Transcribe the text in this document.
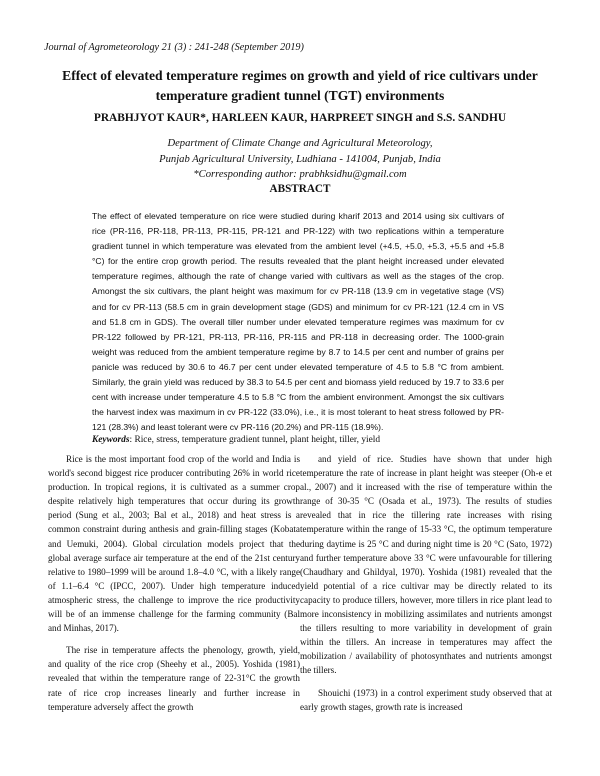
Journal of Agrometeorology 21 (3) : 241-248 (September 2019)
Effect of elevated temperature regimes on growth and yield of rice cultivars under temperature gradient tunnel (TGT) environments
PRABHJYOT KAUR*, HARLEEN KAUR, HARPREET SINGH and S.S. SANDHU
Department of Climate Change and Agricultural Meteorology,
Punjab Agricultural University, Ludhiana - 141004, Punjab, India
*Corresponding author: prabhksidhu@gmail.com
ABSTRACT

The effect of elevated temperature on rice were studied during kharif 2013 and 2014 using six cultivars of rice (PR-116, PR-118, PR-113, PR-115, PR-121 and PR-122) with two replications within a temperature gradient tunnel in which temperature was elevated from the ambient level (+4.5, +5.0, +5.3, +5.5 and +5.8 °C) for the entire crop growth period. The results revealed that the plant height increased under elevated temperature regimes, although the rate of change varied with cultivars as well as the stages of the crop. Amongst the six cultivars, the plant height was maximum for cv PR-118 (13.9 cm in vegetative stage (VS) and for cv PR-113 (58.5 cm in grain development stage (GDS) and minimum for cv PR-121 (12.4 cm in VS and 51.8 cm in GDS). The overall tiller number under elevated temperature regimes was maximum for cv PR-122 followed by PR-121, PR-113, PR-116, PR-115 and PR-118 in decreasing order. The 1000-grain weight was reduced from the ambient temperature regime by 8.7 to 14.5 per cent and number of grains per panicle was reduced by 30.6 to 46.7 per cent under elevated temperature of 4.5 to 5.8 °C from ambient. Similarly, the grain yield was reduced by 38.3 to 54.5 per cent and biomass yield reduced by 19.7 to 33.6 per cent with increase under temperature 4.5 to 5.8 °C from the ambient environment. Amongst the six cultivars the harvest index was maximum in cv PR-122 (33.0%), i.e., it is most tolerant to heat stress followed by PR-121 (28.3%) and least tolerant were cv PR-116 (20.2%) and PR-115 (18.9%).

Keywords: Rice, stress, temperature gradient tunnel, plant height, tiller, yield

Rice is the most important food crop of the world and India is world's second biggest rice producer contributing 26% in world rice production. In tropical regions, it is cultivated as a summer crop despite relatively high temperatures that occur during its growth period (Sung et al., 2003; Bal et al., 2018) and heat stress is a common constraint during anthesis and grain-filling stages (Kobata and Uemuki, 2004). Global circulation models project that the global average surface air temperature at the end of the 21st century relative to 1980–1999 will be around 1.8–4.0 °C, with a likely range of 1.1–6.4 °C (IPCC, 2007). Under high temperature induced atmospheric stress, the challenge to improve the rice productivity will be of an immense challenge for the farming community (Bal and Minhas, 2017).

The rise in temperature affects the phenology, growth, yield, and quality of the rice crop (Sheehy et al., 2005). Yoshida (1981) revealed that within the temperature range of 22-31°C the growth rate of rice crop increases linearly and further increase in temperature adversely affect the growth

and yield of rice. Studies have shown that under high temperature the rate of increase in plant height was steeper (Oh-e et al., 2007) and it increased with the rise of temperature within the range of 30-35 °C (Osada et al., 1973). The results of studies revealed that in rice the tillering rate increases with rising temperature within the range of 15-33 °C, the optimum temperature during daytime is 25 °C and during night time is 20 °C (Sato, 1972) and further temperature above 33 °C were unfavourable for tillering (Chaudhary and Ghildyal, 1970). Yoshida (1981) revealed that the yield potential of a rice cultivar may be directly related to its capacity to produce tillers, however, more tillers in rice plant lead to more inconsistency in mobilizing assimilates and nutrients amongst the tillers resulting to more variability in development of grain within the tillers. An increase in temperatures may affect the mobilization / availability of photosynthates and nutrients amongst the tillers.

Shouichi (1973) in a control experiment study observed that at early growth stages, growth rate is increased
